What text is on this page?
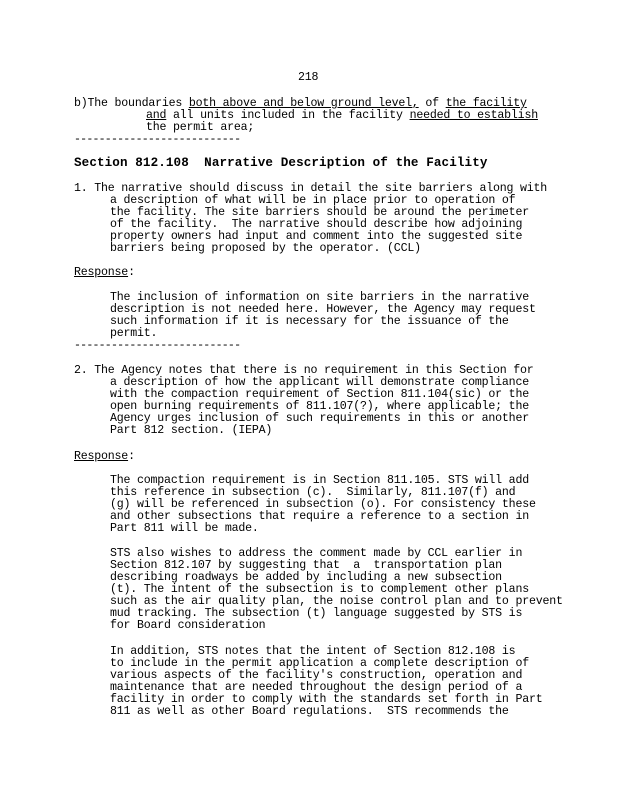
218
b)The boundaries both above and below ground level, of the facility
and all units included in the facility needed to establish
the permit area;
---------------------------
Section 812.108  Narrative Description of the Facility
1. The narrative should discuss in detail the site barriers along with
a description of what will be in place prior to operation of
the facility. The site barriers should be around the perimeter
of the facility.  The narrative should describe how adjoining
property owners had input and comment into the suggested site
barriers being proposed by the operator. (CCL)
Response:
The inclusion of information on site barriers in the narrative
description is not needed here. However, the Agency may request
such information if it is necessary for the issuance of the
permit.
---------------------------
2. The Agency notes that there is no requirement in this Section for
a description of how the applicant will demonstrate compliance
with the compaction requirement of Section 811.104(sic) or the
open burning requirements of 811.107(?), where applicable; the
Agency urges inclusion of such requirements in this or another
Part 812 section. (IEPA)
Response:
The compaction requirement is in Section 811.105. STS will add
this reference in subsection (c).  Similarly, 811.107(f) and
(g) will be referenced in subsection (o). For consistency these
and other subsections that require a reference to a section in
Part 811 will be made.
STS also wishes to address the comment made by CCL earlier in
Section 812.107 by suggesting that  a  transportation plan
describing roadways be added by including a new subsection
(t). The intent of the subsection is to complement other plans
such as the air quality plan, the noise control plan and to prevent
mud tracking. The subsection (t) language suggested by STS is
for Board consideration
In addition, STS notes that the intent of Section 812.108 is
to include in the permit application a complete description of
various aspects of the facility's construction, operation and
maintenance that are needed throughout the design period of a
facility in order to comply with the standards set forth in Part
811 as well as other Board regulations.  STS recommends the
